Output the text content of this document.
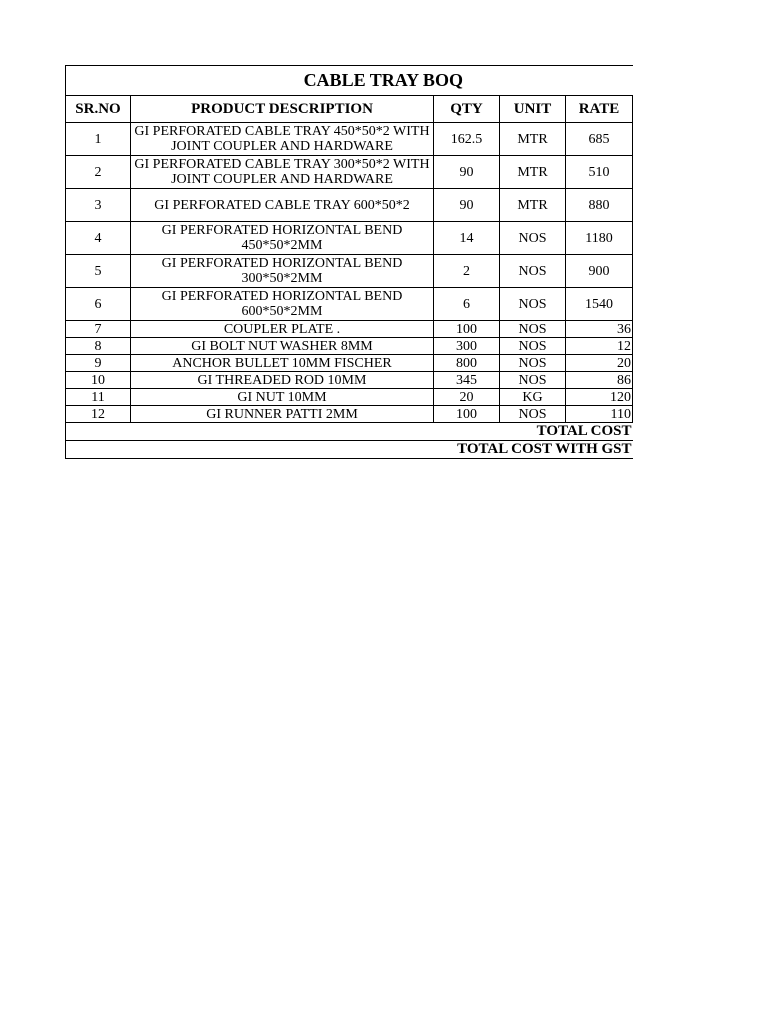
CABLE TRAY BOQ				
SR.NO	PRODUCT DESCRIPTION	QTY	UNIT	RATE
1	GI PERFORATED CABLE TRAY 450*50*2 WITH JOINT COUPLER AND HARDWARE	162.5	MTR	685
2	GI PERFORATED CABLE TRAY 300*50*2 WITH JOINT COUPLER AND HARDWARE	90	MTR	510
3	GI PERFORATED CABLE TRAY 600*50*2	90	MTR	880
4	GI PERFORATED HORIZONTAL BEND 450*50*2MM	14	NOS	1180
5	GI PERFORATED HORIZONTAL BEND 300*50*2MM	2	NOS	900
6	GI PERFORATED HORIZONTAL BEND 600*50*2MM	6	NOS	1540
7	COUPLER PLATE .	100	NOS	36
8	GI BOLT NUT WASHER 8MM	300	NOS	12
9	ANCHOR BULLET 10MM FISCHER	800	NOS	20
10	GI THREADED ROD 10MM	345	NOS	86
11	GI NUT 10MM	20	KG	120
12	GI RUNNER PATTI 2MM	100	NOS	110
TOTAL COST				
TOTAL COST WITH GST				
